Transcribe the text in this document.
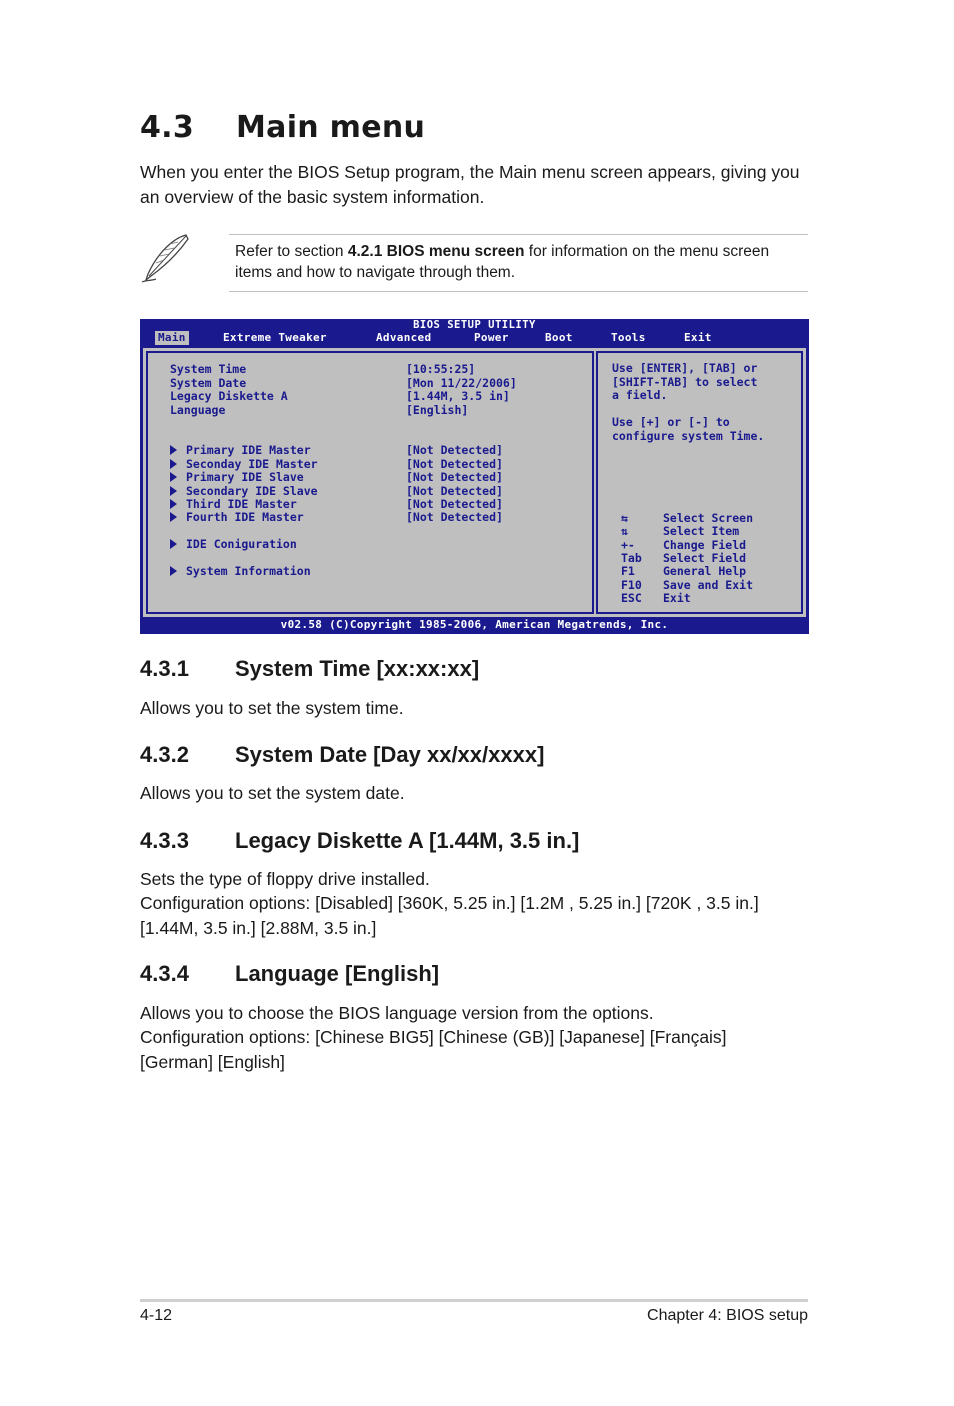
4.3 Main menu
When you enter the BIOS Setup program, the Main menu screen appears, giving you an overview of the basic system information.
Refer to section 4.2.1 BIOS menu screen for information on the menu screen items and how to navigate through them.
BIOS SETUP UTILITY
Main	Extreme Tweaker	Advanced	Power	Boot	Tools	Exit
System Time	[10:55:25]
System Date	[Mon 11/22/2006]
Legacy Diskette A	[1.44M, 3.5 in]
Language	[English]
Primary IDE Master	[Not Detected]
Seconday IDE Master	[Not Detected]
Primary IDE Slave	[Not Detected]
Secondary IDE Slave	[Not Detected]
Third IDE Master	[Not Detected]
Fourth IDE Master	[Not Detected]
IDE Coniguration
System Information
Use [ENTER], [TAB] or
[SHIFT-TAB] to select
a field.
Use [+] or [-] to
configure system Time.
⇆	Select Screen
⇅	Select Item
+- Change Field
Tab Select Field
F1 General Help
F10 Save and Exit
ESC Exit
v02.58 (C)Copyright 1985-2006, American Megatrends, Inc.
4.3.1 System Time [xx:xx:xx]
Allows you to set the system time.
4.3.2 System Date [Day xx/xx/xxxx]
Allows you to set the system date.
4.3.3 Legacy Diskette A [1.44M, 3.5 in.]
Sets the type of floppy drive installed.
Configuration options: [Disabled] [360K, 5.25 in.] [1.2M , 5.25 in.] [720K , 3.5 in.] [1.44M, 3.5 in.] [2.88M, 3.5 in.]
4.3.4 Language [English]
Allows you to choose the BIOS language version from the options.
Configuration options: [Chinese BIG5] [Chinese (GB)] [Japanese] [Français] [German] [English]
4-12	Chapter 4: BIOS setup
